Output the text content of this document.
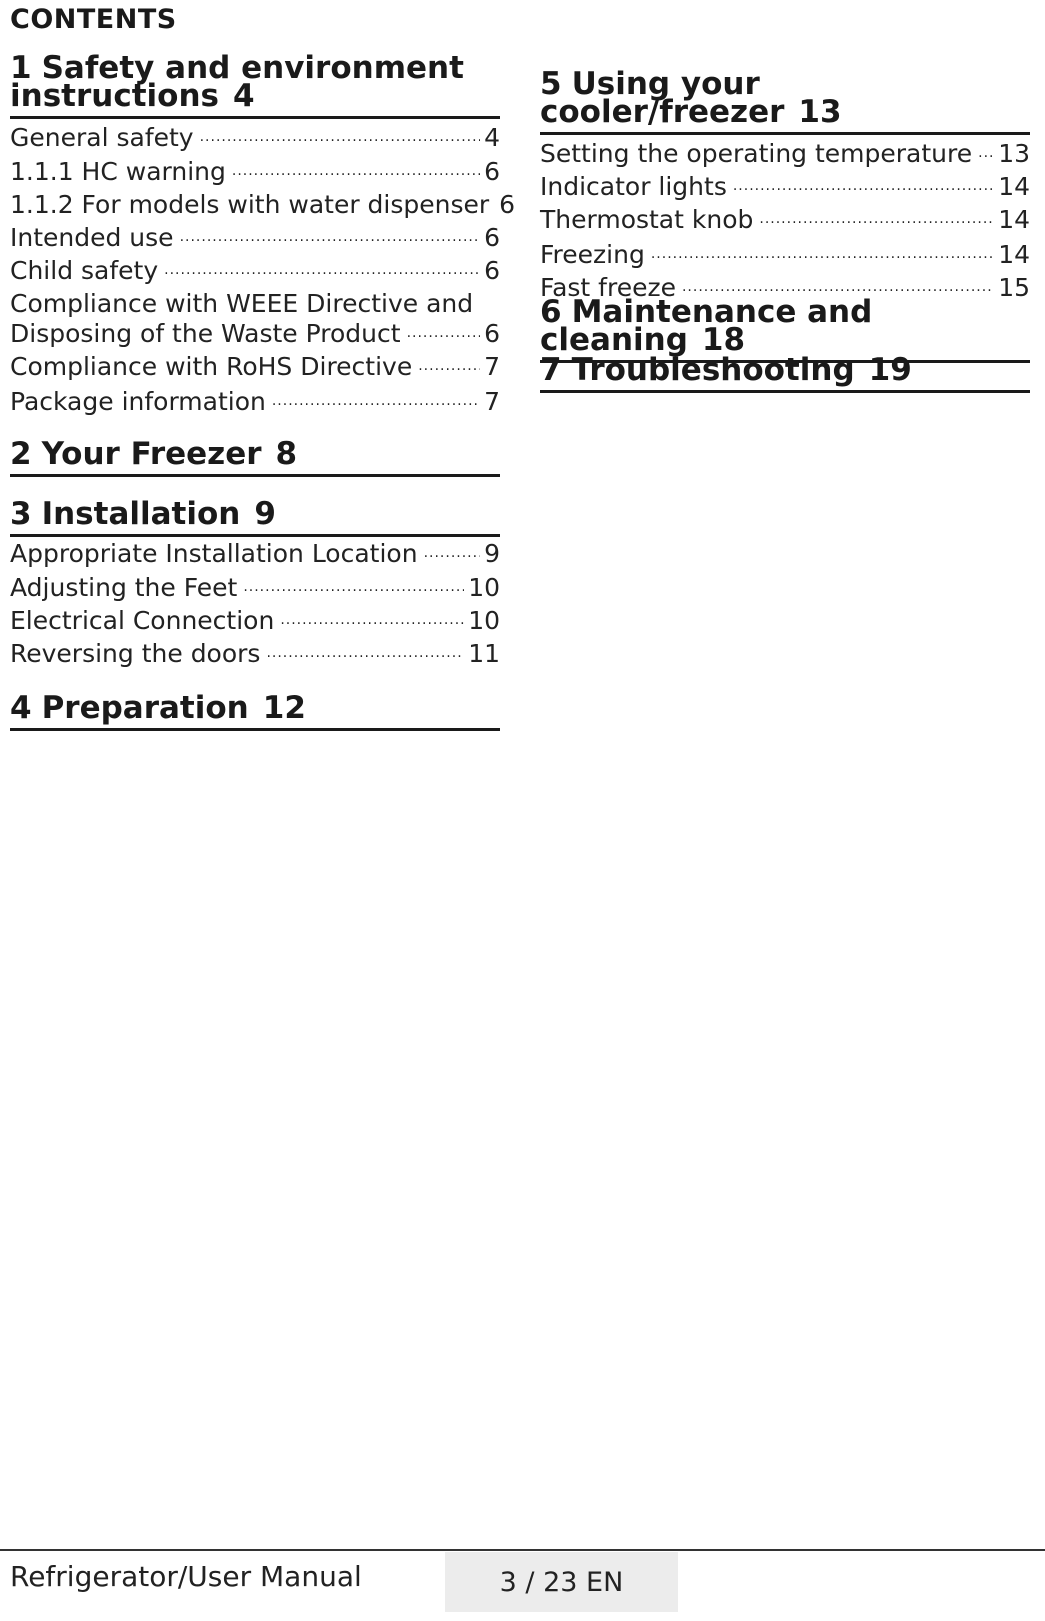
CONTENTS
1 Safety and environment instructions 4
General safety .....	4
1.1.1 HC warning .....	6
1.1.2 For models with water dispenser 6
Intended use .....	6
Child safety .....	6
Compliance with WEEE Directive and
Disposing of the Waste Product .....	6
Compliance with RoHS Directive .....	7
Package information .....	7
2 Your Freezer 8
3 Installation 9
Appropriate Installation Location .....	9
Adjusting the Feet .....	10
Electrical Connection .....	10
Reversing the doors .....	11
4 Preparation 12
5 Using your cooler/freezer 13
Setting the operating temperature ..... 13
Indicator lights .....	14
Thermostat knob .....	14
Freezing .....	14
Fast freeze .....	15
6 Maintenance and cleaning 18
7 Troubleshooting 19
Refrigerator/User Manual	3 / 23 EN
